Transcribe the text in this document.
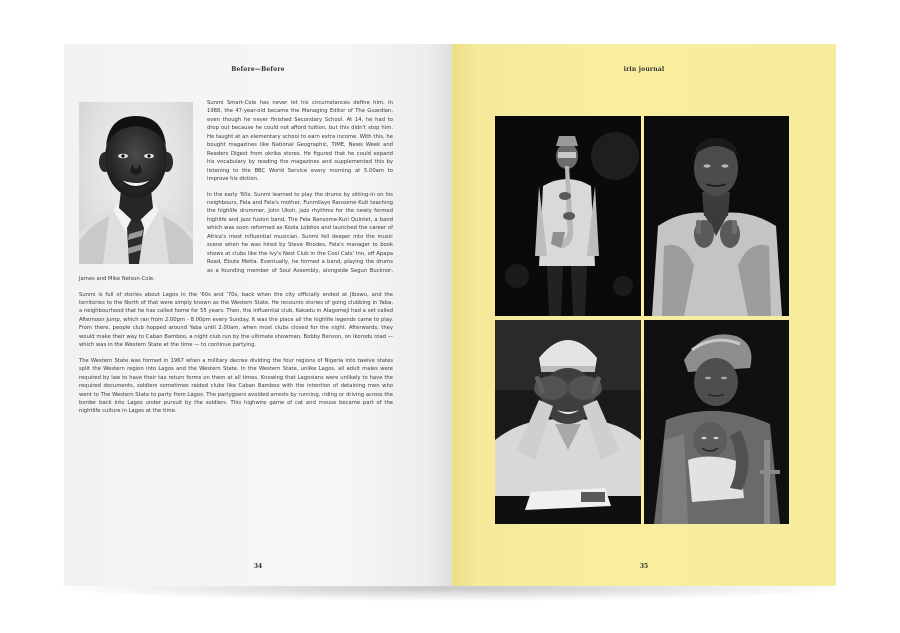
Before—Before

Sunmi Smart-Cole has never let his circumstances define him. In 1988, the 47-year-old became the Managing Editor of The Guardian, even though he never finished Secondary School. At 14, he had to drop out because he could not afford tuition, but this didn't stop him. He taught at an elementary school to earn extra income. With this, he bought magazines like National Geographic, TIME, News Week and Readers Digest from okrika stores. He figured that he could expand his vocabulary by reading the magazines and supplemented this by listening to the BBC World Service every morning at 5.00am to improve his diction.

In the early '60s, Sunmi learned to play the drums by sitting-in on his neighbours, Fela and Fela's mother, Funmilayo Ransome Kuti teaching the highlife drummer, John Ukoh, jazz rhythms for the newly formed highlife and jazz fusion band, The Fela Ransome-Kuti Quintet, a band which was soon reformed as Koola Lobitos and launched the career of Africa's most influential musician. Sunmi fell deeper into the music scene when he was hired by Steve Rhodes, Fela's manager to book shows at clubs like the Ivy's Nest Club in the Cool Cats' Inn, off Apapa Road, Ebute Metta. Eventually, he formed a band, playing the drums as a founding member of Soul Assembly, alongside Segun Bucknor, James and Mike Nelson-Cole.

Sunmi is full of stories about Lagos in the '60s and '70s, back when the city officially ended at Jibowu, and the territories to the North of that were simply known as the Western State. He recounts stories of going clubbing in Yaba, a neighbourhood that he has called home for 55 years. Then, the influential club, Kakadu in Alagomeji had a set called Afternoon Jump, which ran from 2.00pm - 8.00pm every Sunday. It was the place all the highlife legends came to play. From there, people club hopped around Yaba until 2.00am, when most clubs closed for the night. Afterwards, they would make their way to Caban Bamboo, a night club run by the ultimate showman, Bobby Benson, on Ikorodu road — which was in the Western State at the time — to continue partying.

The Western State was formed in 1967 when a military decree dividing the four regions of Nigeria into twelve states split the Western region into Lagos and the Western State. In the Western State, unlike Lagos, all adult males were required by law to have their tax return forms on them at all times. Knowing that Lagosians were unlikely to have the required documents, soldiers sometimes raided clubs like Caban Bamboo with the intention of detaining men who went to The Western State to party from Lagos. The partygoers avoided arrests by running, riding or driving across the border back into Lagos under pursuit by the soldiers. This highwire game of cat and mouse became part of the nightlife culture in Lagos at the time.

34
irin journal
35
